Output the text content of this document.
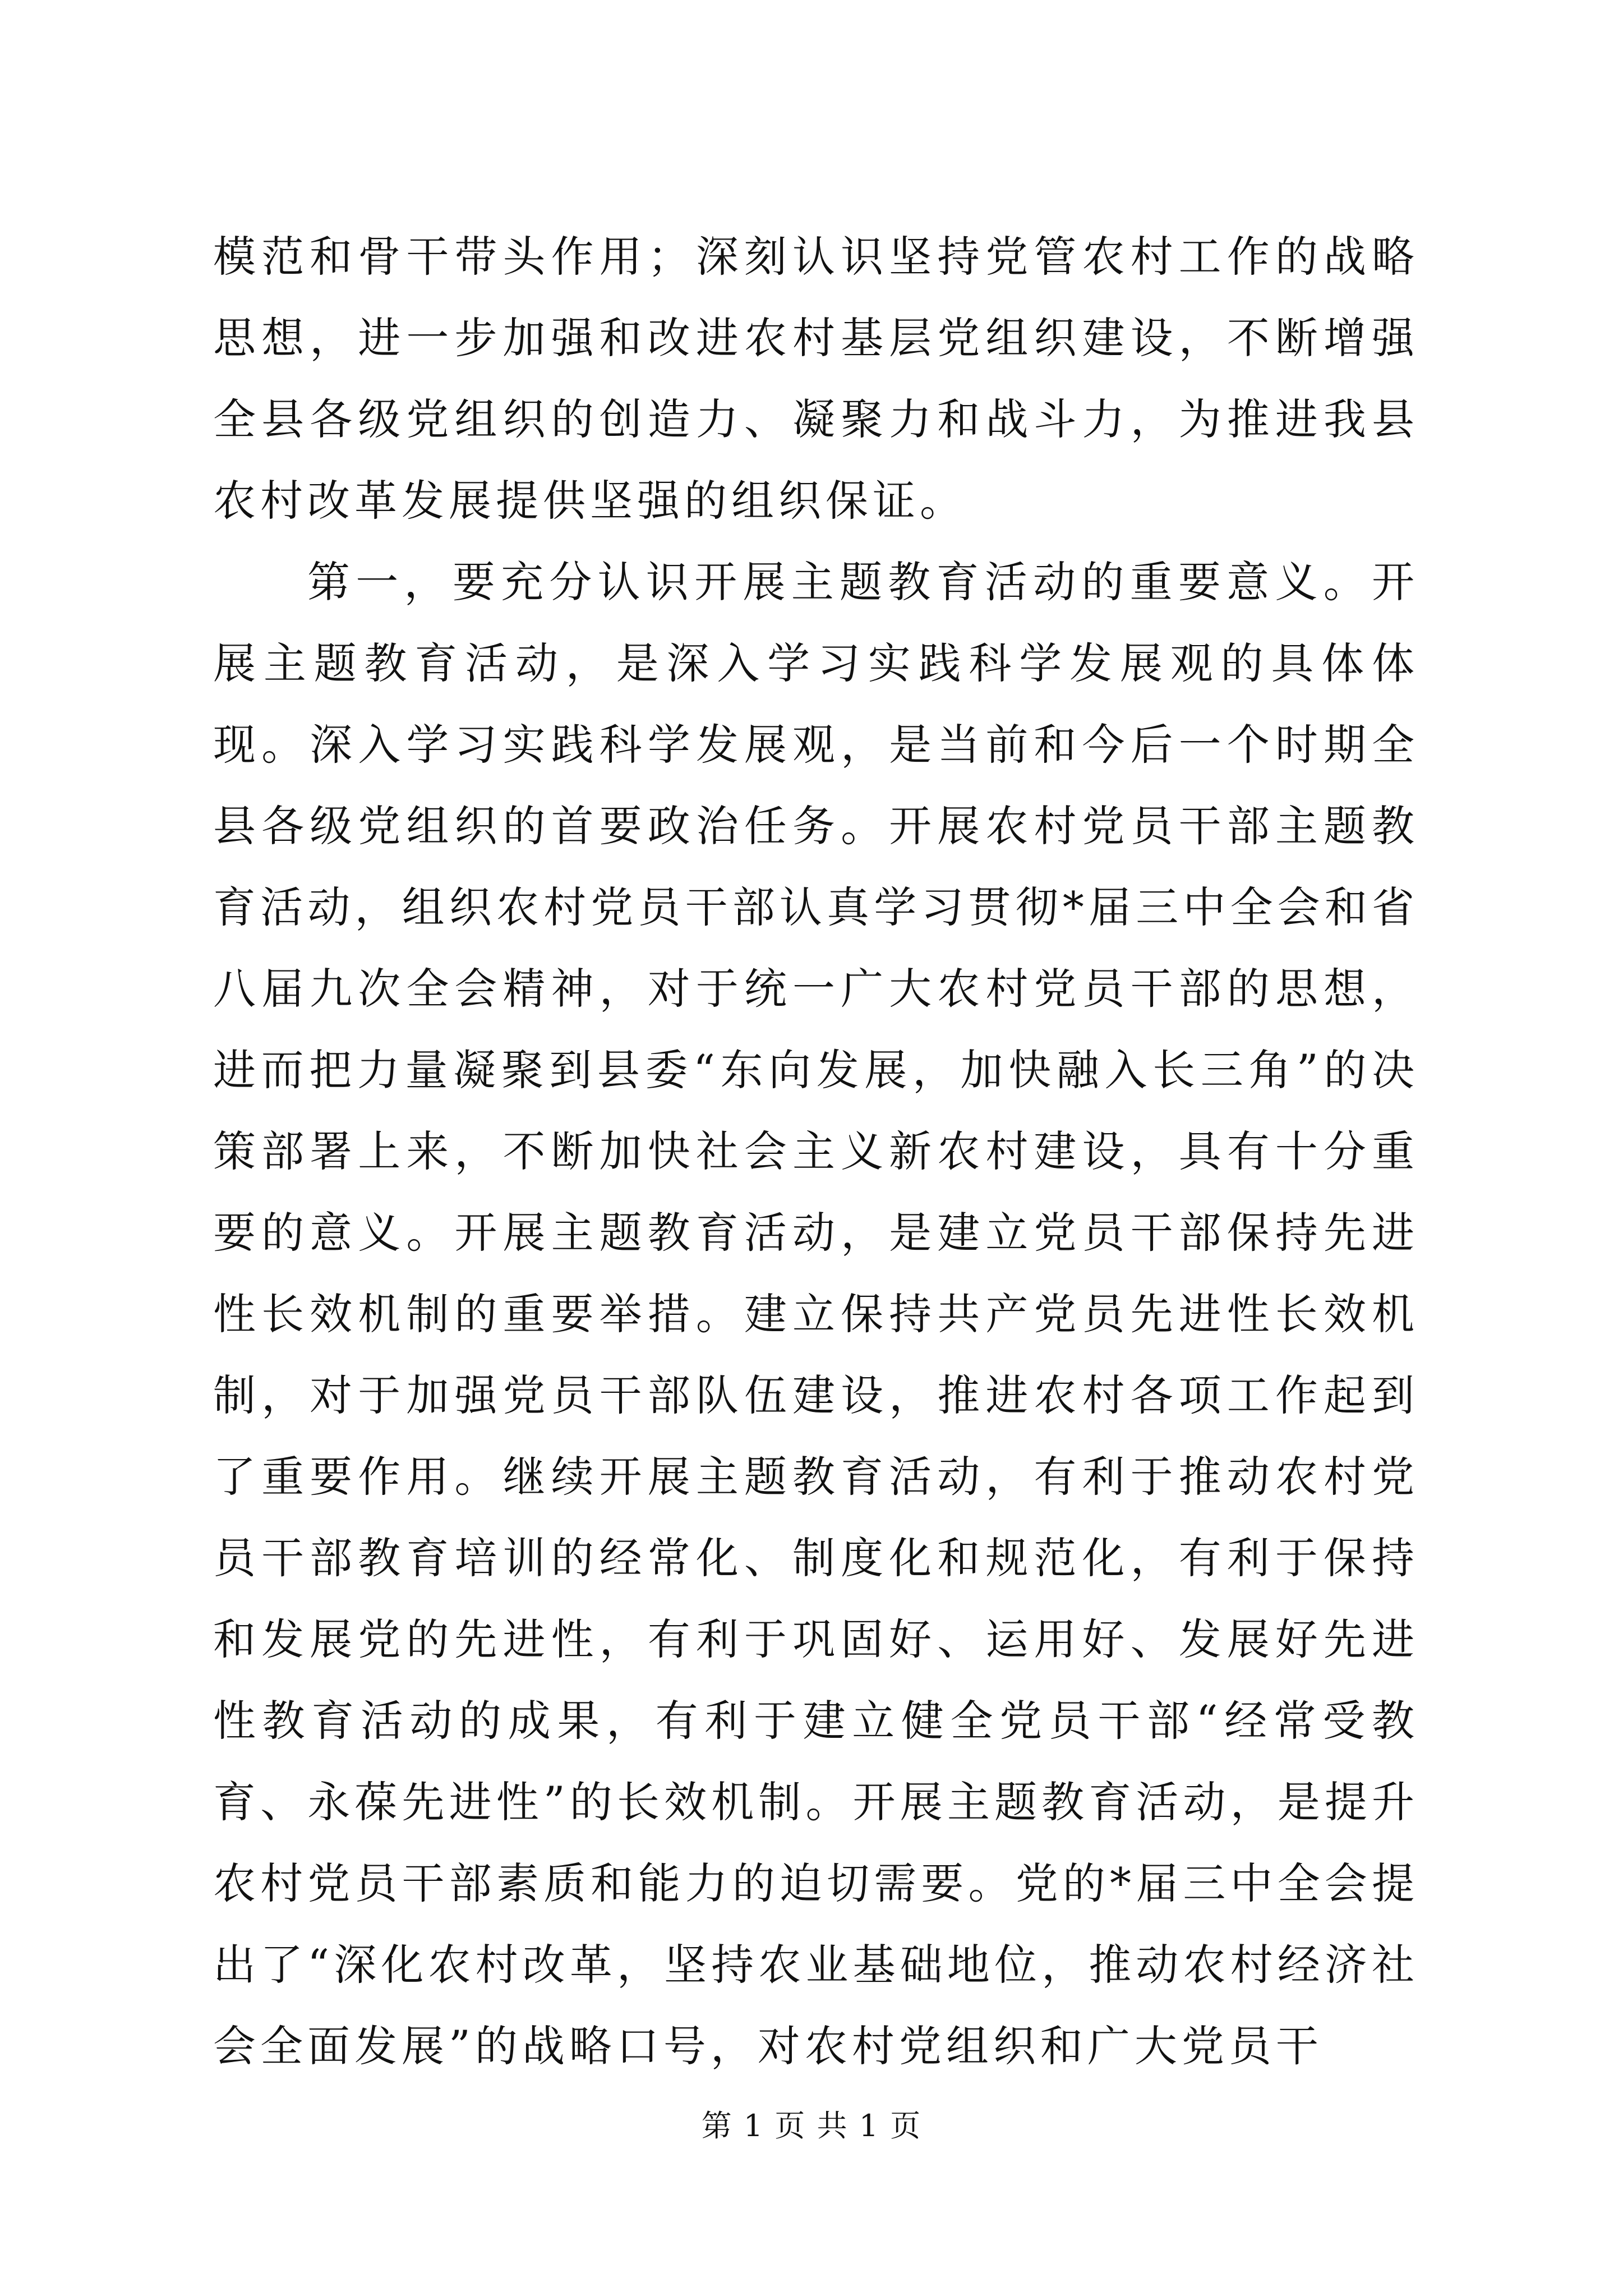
模范和骨干带头作用；深刻认识坚持党管农村工作的战略思想，进一步加强和改进农村基层党组织建设，不断增强全县各级党组织的创造力、凝聚力和战斗力，为推进我县农村改革发展提供坚强的组织保证。

第一，要充分认识开展主题教育活动的重要意义。开展主题教育活动，是深入学习实践科学发展观的具体体现。深入学习实践科学发展观，是当前和今后一个时期全县各级党组织的首要政治任务。开展农村党员干部主题教育活动，组织农村党员干部认真学习贯彻*届三中全会和省八届九次全会精神，对于统一广大农村党员干部的思想，进而把力量凝聚到县委“东向发展，加快融入长三角”的决策部署上来，不断加快社会主义新农村建设，具有十分重要的意义。开展主题教育活动，是建立党员干部保持先进性长效机制的重要举措。建立保持共产党员先进性长效机制，对于加强党员干部队伍建设，推进农村各项工作起到了重要作用。继续开展主题教育活动，有利于推动农村党员干部教育培训的经常化、制度化和规范化，有利于保持和发展党的先进性，有利于巩固好、运用好、发展好先进性教育活动的成果，有利于建立健全党员干部“经常受教育、永葆先进性”的长效机制。开展主题教育活动，是提升农村党员干部素质和能力的迫切需要。党的*届三中全会提出了“深化农村改革，坚持农业基础地位，推动农村经济社会全面发展”的战略口号，对农村党组织和广大党员干

第 1 页 共 1 页
